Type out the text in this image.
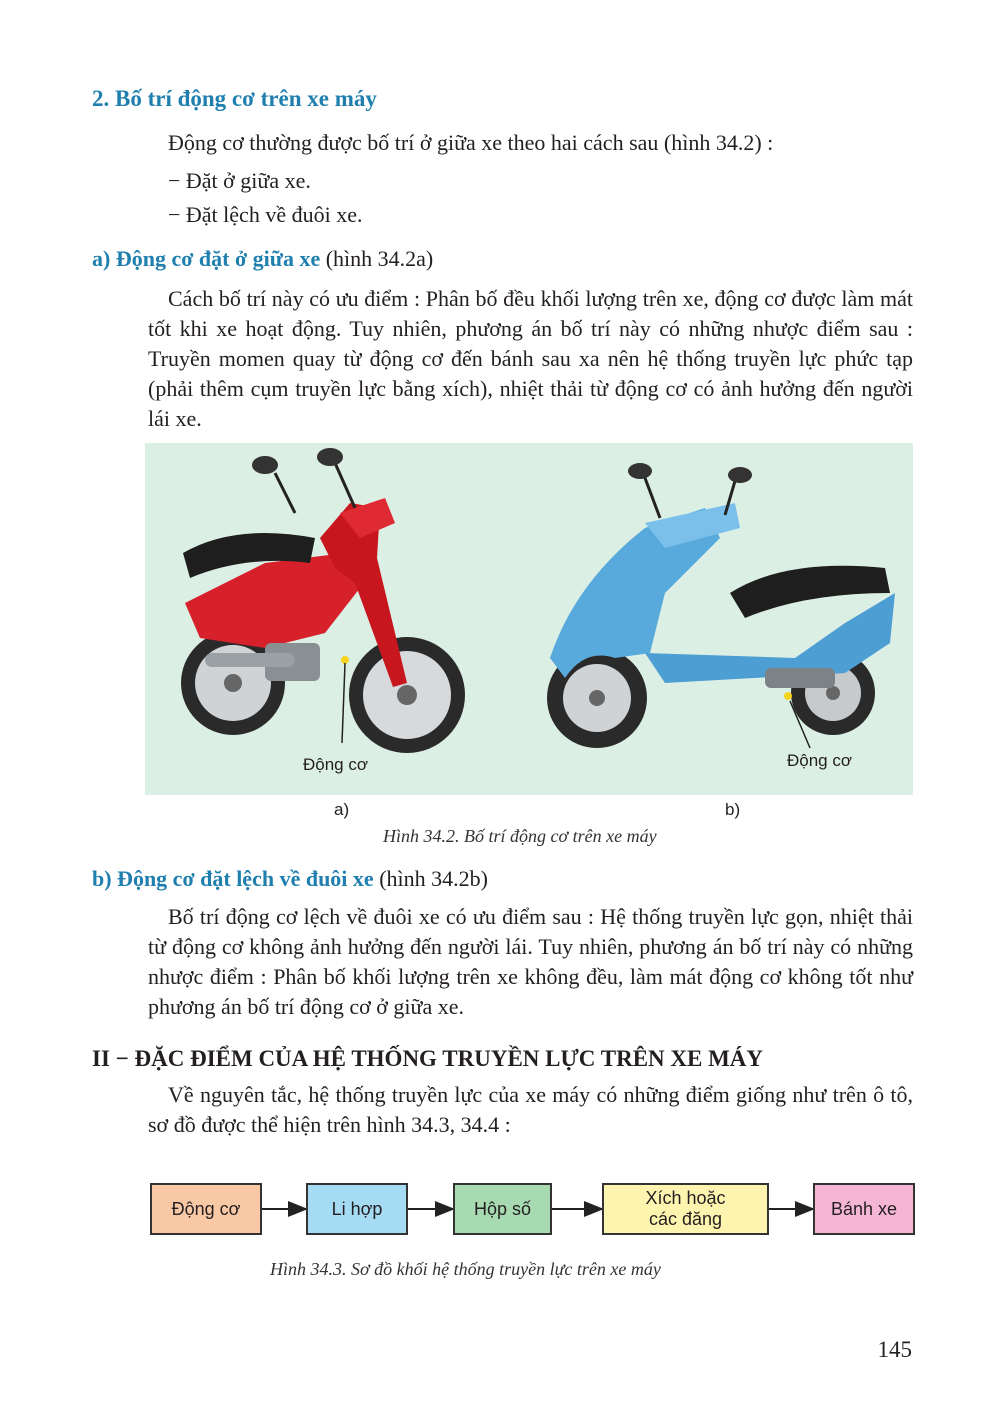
2. Bố trí động cơ trên xe máy
Động cơ thường được bố trí ở giữa xe theo hai cách sau (hình 34.2) :
− Đặt ở giữa xe.
− Đặt lệch về đuôi xe.
a) Động cơ đặt ở giữa xe (hình 34.2a)
Cách bố trí này có ưu điểm : Phân bố đều khối lượng trên xe, động cơ được làm mát tốt khi xe hoạt động. Tuy nhiên, phương án bố trí này có những nhược điểm sau : Truyền momen quay từ động cơ đến bánh sau xa nên hệ thống truyền lực phức tạp (phải thêm cụm truyền lực bằng xích), nhiệt thải từ động cơ có ảnh hưởng đến người lái xe.
Động cơ	Động cơ
a)	b)
Hình 34.2. Bố trí động cơ trên xe máy
b) Động cơ đặt lệch về đuôi xe (hình 34.2b)
Bố trí động cơ lệch về đuôi xe có ưu điểm sau : Hệ thống truyền lực gọn, nhiệt thải từ động cơ không ảnh hưởng đến người lái. Tuy nhiên, phương án bố trí này có những nhược điểm : Phân bố khối lượng trên xe không đều, làm mát động cơ không tốt như phương án bố trí động cơ ở giữa xe.
II − ĐẶC ĐIỂM CỦA HỆ THỐNG TRUYỀN LỰC TRÊN XE MÁY
Về nguyên tắc, hệ thống truyền lực của xe máy có những điểm giống như trên ô tô, sơ đồ được thể hiện trên hình 34.3, 34.4 :
Động cơ	Li hợp	Hộp số
Xích hoặc các đăng
Bánh xe
Hình 34.3. Sơ đồ khối hệ thống truyền lực trên xe máy
145
